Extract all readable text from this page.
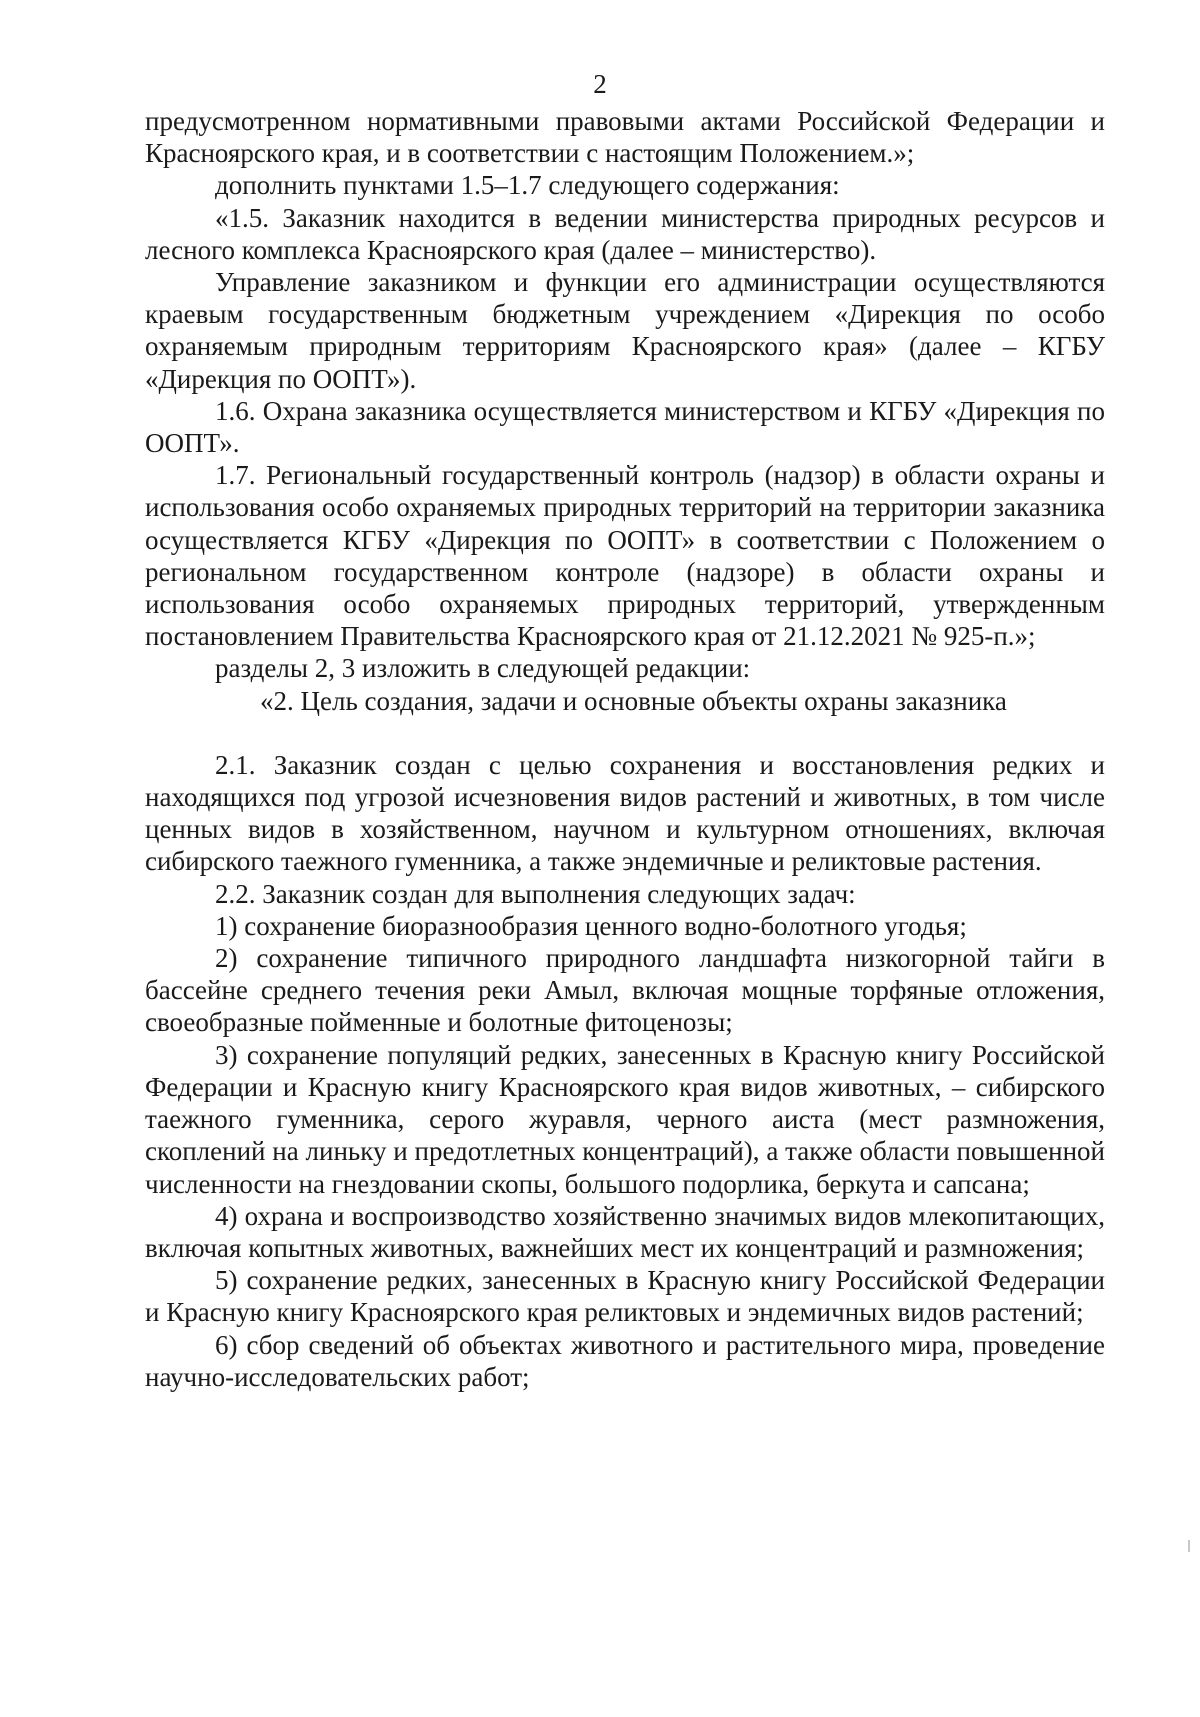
2

предусмотренном нормативными правовыми актами Российской Федерации и Красноярского края, и в соответствии с настоящим Положением.»;

дополнить пунктами 1.5–1.7 следующего содержания:

«1.5. Заказник находится в ведении министерства природных ресурсов и лесного комплекса Красноярского края (далее – министерство).

Управление заказником и функции его администрации осуществляются краевым государственным бюджетным учреждением «Дирекция по особо охраняемым природным территориям Красноярского края» (далее – КГБУ «Дирекция по ООПТ»).

1.6. Охрана заказника осуществляется министерством и КГБУ «Дирекция по ООПТ».

1.7. Региональный государственный контроль (надзор) в области охраны и использования особо охраняемых природных территорий на территории заказника осуществляется КГБУ «Дирекция по ООПТ» в соответствии с Положением о региональном государственном контроле (надзоре) в области охраны и использования особо охраняемых природных территорий, утвержденным постановлением Правительства Красноярского края от 21.12.2021 № 925-п.»;

разделы 2, 3 изложить в следующей редакции:

«2. Цель создания, задачи и основные объекты охраны заказника

2.1. Заказник создан с целью сохранения и восстановления редких и находящихся под угрозой исчезновения видов растений и животных, в том числе ценных видов в хозяйственном, научном и культурном отношениях, включая сибирского таежного гуменника, а также эндемичные и реликтовые растения.

2.2. Заказник создан для выполнения следующих задач:

1) сохранение биоразнообразия ценного водно-болотного угодья;

2) сохранение типичного природного ландшафта низкогорной тайги в бассейне среднего течения реки Амыл, включая мощные торфяные отложения, своеобразные пойменные и болотные фитоценозы;

3) сохранение популяций редких, занесенных в Красную книгу Российской Федерации и Красную книгу Красноярского края видов животных, – сибирского таежного гуменника, серого журавля, черного аиста (мест размножения, скоплений на линьку и предотлетных концентраций), а также области повышенной численности на гнездовании скопы, большого подорлика, беркута и сапсана;

4) охрана и воспроизводство хозяйственно значимых видов млекопитающих, включая копытных животных, важнейших мест их концентраций и размножения;

5) сохранение редких, занесенных в Красную книгу Российской Федерации и Красную книгу Красноярского края реликтовых и эндемичных видов растений;

6) сбор сведений об объектах животного и растительного мира, проведение научно-исследовательских работ;
